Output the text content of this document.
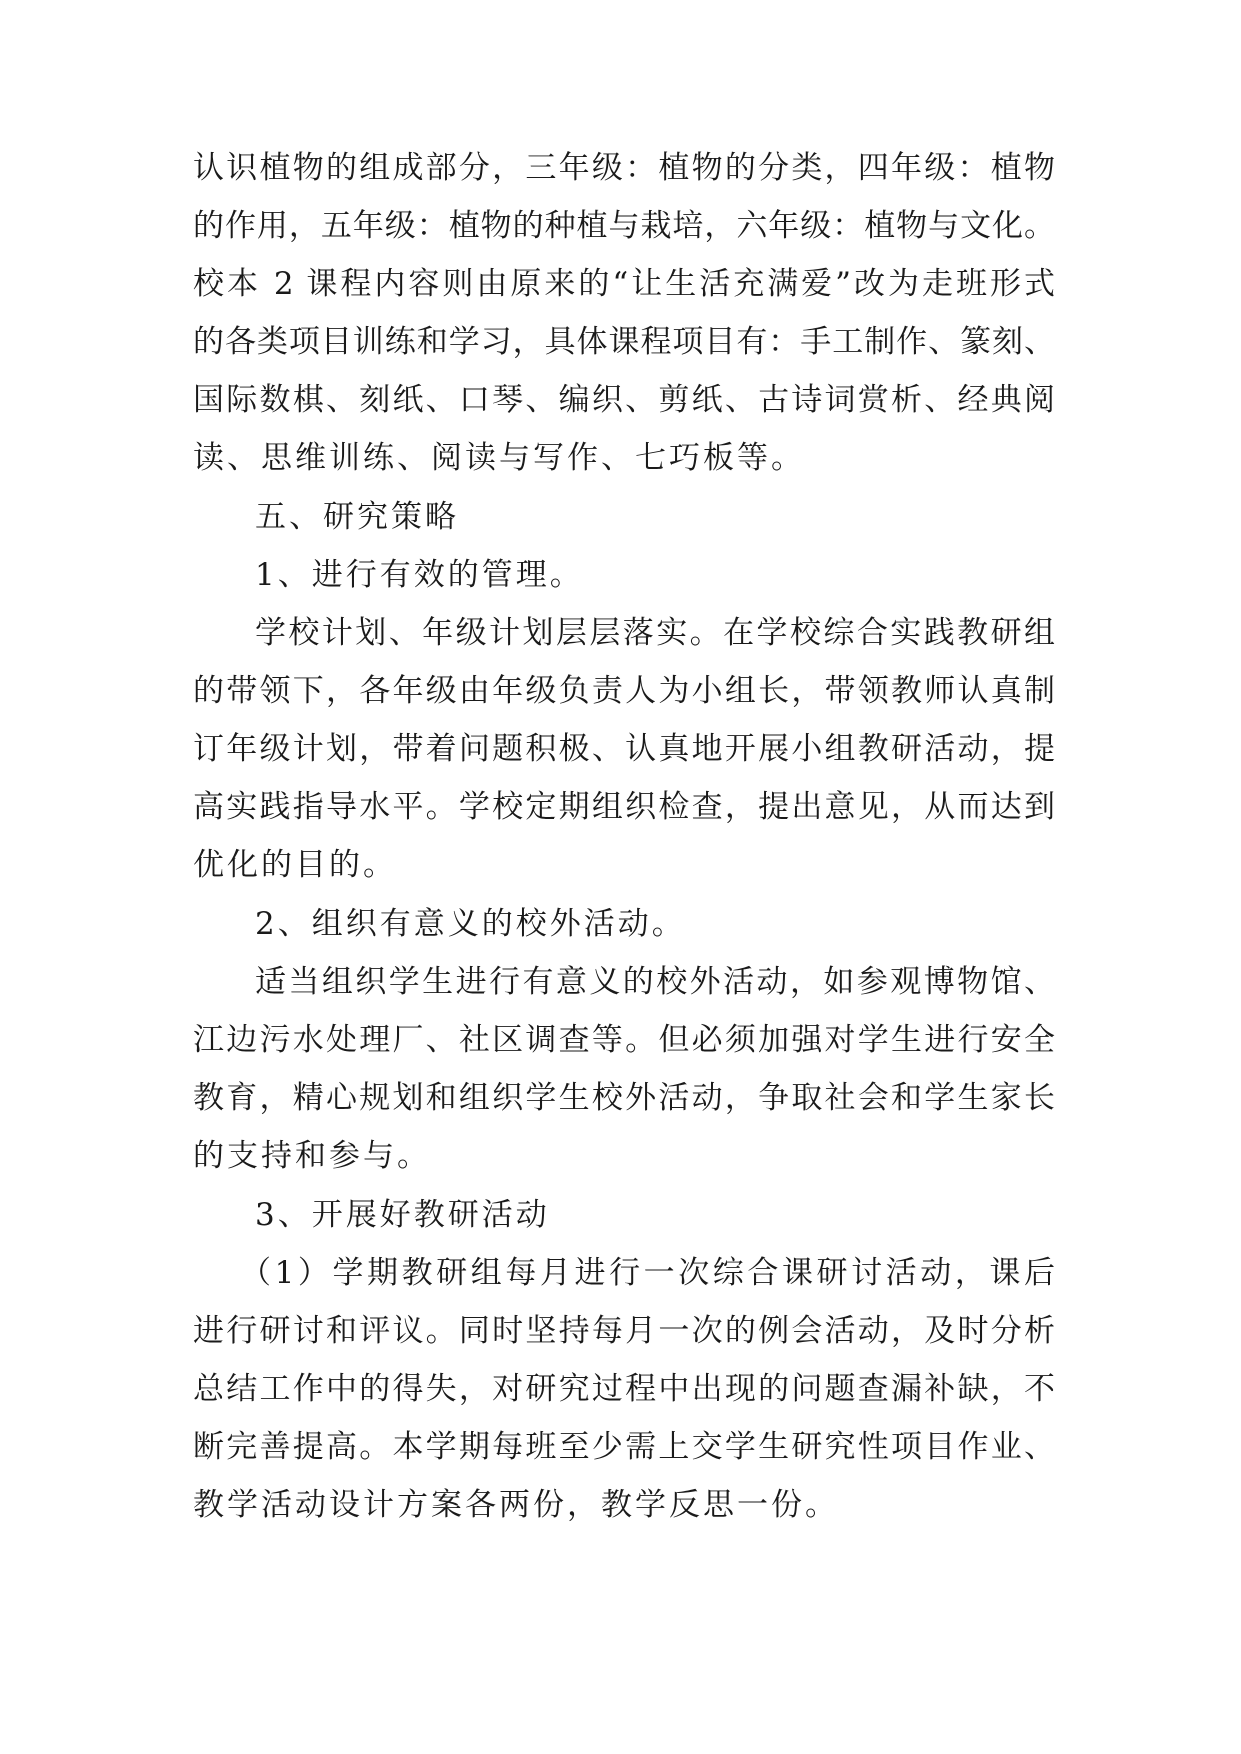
认识植物的组成部分，三年级：植物的分类，四年级：植物
的作用，五年级：植物的种植与栽培，六年级：植物与文化。
校本 2 课程内容则由原来的“让生活充满爱”改为走班形式
的各类项目训练和学习，具体课程项目有：手工制作、篆刻、
国际数棋、刻纸、口琴、编织、剪纸、古诗词赏析、经典阅
读、思维训练、阅读与写作、七巧板等。
五、研究策略
1、进行有效的管理。
学校计划、年级计划层层落实。在学校综合实践教研组
的带领下，各年级由年级负责人为小组长，带领教师认真制
订年级计划，带着问题积极、认真地开展小组教研活动，提
高实践指导水平。学校定期组织检查，提出意见，从而达到
优化的目的。
2、组织有意义的校外活动。
适当组织学生进行有意义的校外活动，如参观博物馆、
江边污水处理厂、社区调查等。但必须加强对学生进行安全
教育，精心规划和组织学生校外活动，争取社会和学生家长
的支持和参与。
3、开展好教研活动
（1）学期教研组每月进行一次综合课研讨活动，课后
进行研讨和评议。同时坚持每月一次的例会活动，及时分析
总结工作中的得失，对研究过程中出现的问题查漏补缺，不
断完善提高。本学期每班至少需上交学生研究性项目作业、
教学活动设计方案各两份，教学反思一份。
